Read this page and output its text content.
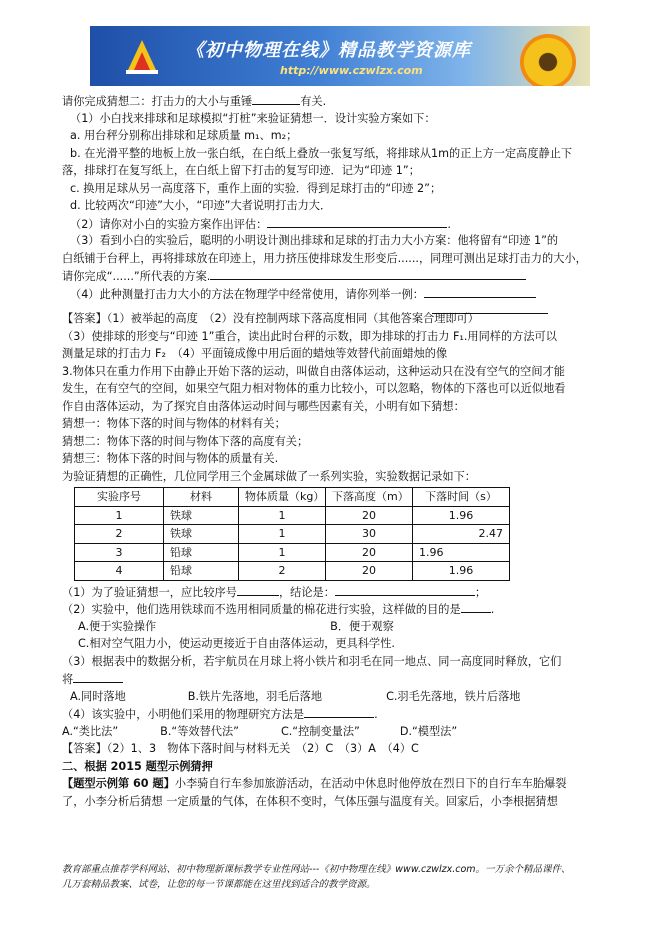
《初中物理在线》精品教学资源库
http://www.czwlzx.com
请你完成猜想二：打击力的大小与重锤	有关.
（1）小白找来排球和足球模拟“打桩”来验证猜想一．设计实验方案如下：
a. 用台秤分别称出排球和足球质量 m₁、m₂；
b. 在光滑平整的地板上放一张白纸，在白纸上叠放一张复写纸，将排球从1m的正上方一定高度静止下
落，排球打在复写纸上，在白纸上留下打击的复写印迹．记为“印迹 1”；
c. 换用足球从另一高度落下，重作上面的实验．得到足球打击的“印迹 2”；
d. 比较两次“印迹”大小，“印迹”大者说明打击力大．
（2）请你对小白的实验方案作出评估：	.
（3）看到小白的实验后，聪明的小明设计测出排球和足球的打击力大小方案：他将留有“印迹 1”的
白纸铺于台秤上，再将排球放在印迹上，用力挤压使排球发生形变后......，同理可测出足球打击力的大小，
请你完成“......”所代表的方案.
（4）此种测量打击力大小的方法在物理学中经常使用，请你列举一例：
【答案】（1）被举起的高度　（2）没有控制两球下落高度相同（其他答案合理即可）
（3）使排球的形变与“印迹 1”重合，读出此时台秤的示数，即为排球的打击力 F₁.用同样的方法可以
测量足球的打击力 F₂　（4）平面镜成像中用后面的蜡烛等效替代前面蜡烛的像
3.物体只在重力作用下由静止开始下落的运动，叫做自由落体运动，这种运动只在没有空气的空间才能
发生，在有空气的空间，如果空气阻力相对物体的重力比较小，可以忽略，物体的下落也可以近似地看
作自由落体运动，为了探究自由落体运动时间与哪些因素有关，小明有如下猜想：
猜想一：物体下落的时间与物体的材料有关；
猜想二：物体下落的时间与物体下落的高度有关；
猜想三：物体下落的时间与物体的质量有关.
为验证猜想的正确性，几位同学用三个金属球做了一系列实验，实验数据记录如下：
实验序号	材料	物体质量（kg）	下落高度（m）	下落时间（s）
1	铁球	1	20	1.96
2	铁球	1	30	2.47
3	铅球	1	20	1.96
4	铅球	2	20	1.96
（1）为了验证猜想一，应比较序号	，结论是：	；
（2）实验中，他们选用铁球而不选用相同质量的棉花进行实验，这样做的目的是	.
A.便于实验操作	B．便于观察
C.相对空气阻力小，使运动更接近于自由落体运动，更具科学性.
（3）根据表中的数据分析，若宇航员在月球上将小铁片和羽毛在同一地点、同一高度同时释放，它们
将
A.同时落地	B.铁片先落地，羽毛后落地	C.羽毛先落地，铁片后落地
（4）该实验中，小明他们采用的物理研究方法是	.
A.“类比法”	B.“等效替代法”	C.“控制变量法”	D.“模型法”
【答案】（2）1、3　物体下落时间与材料无关　（2）C　（3）A　（4）C
二、根据 2015 题型示例猜押
【题型示例第 60 题】小李骑自行车参加旅游活动，在活动中休息时他停放在烈日下的自行车车胎爆裂
了，小李分析后猜想 一定质量的气体，在体积不变时，气体压强与温度有关。回家后，小李根据猜想
教育部重点推荐学科网站、初中物理新课标教学专业性网站---《初中物理在线》www.czwlzx.com。一万余个精品课件、
几万套精品教案、试卷，让您的每一节课都能在这里找到适合的教学资源。
